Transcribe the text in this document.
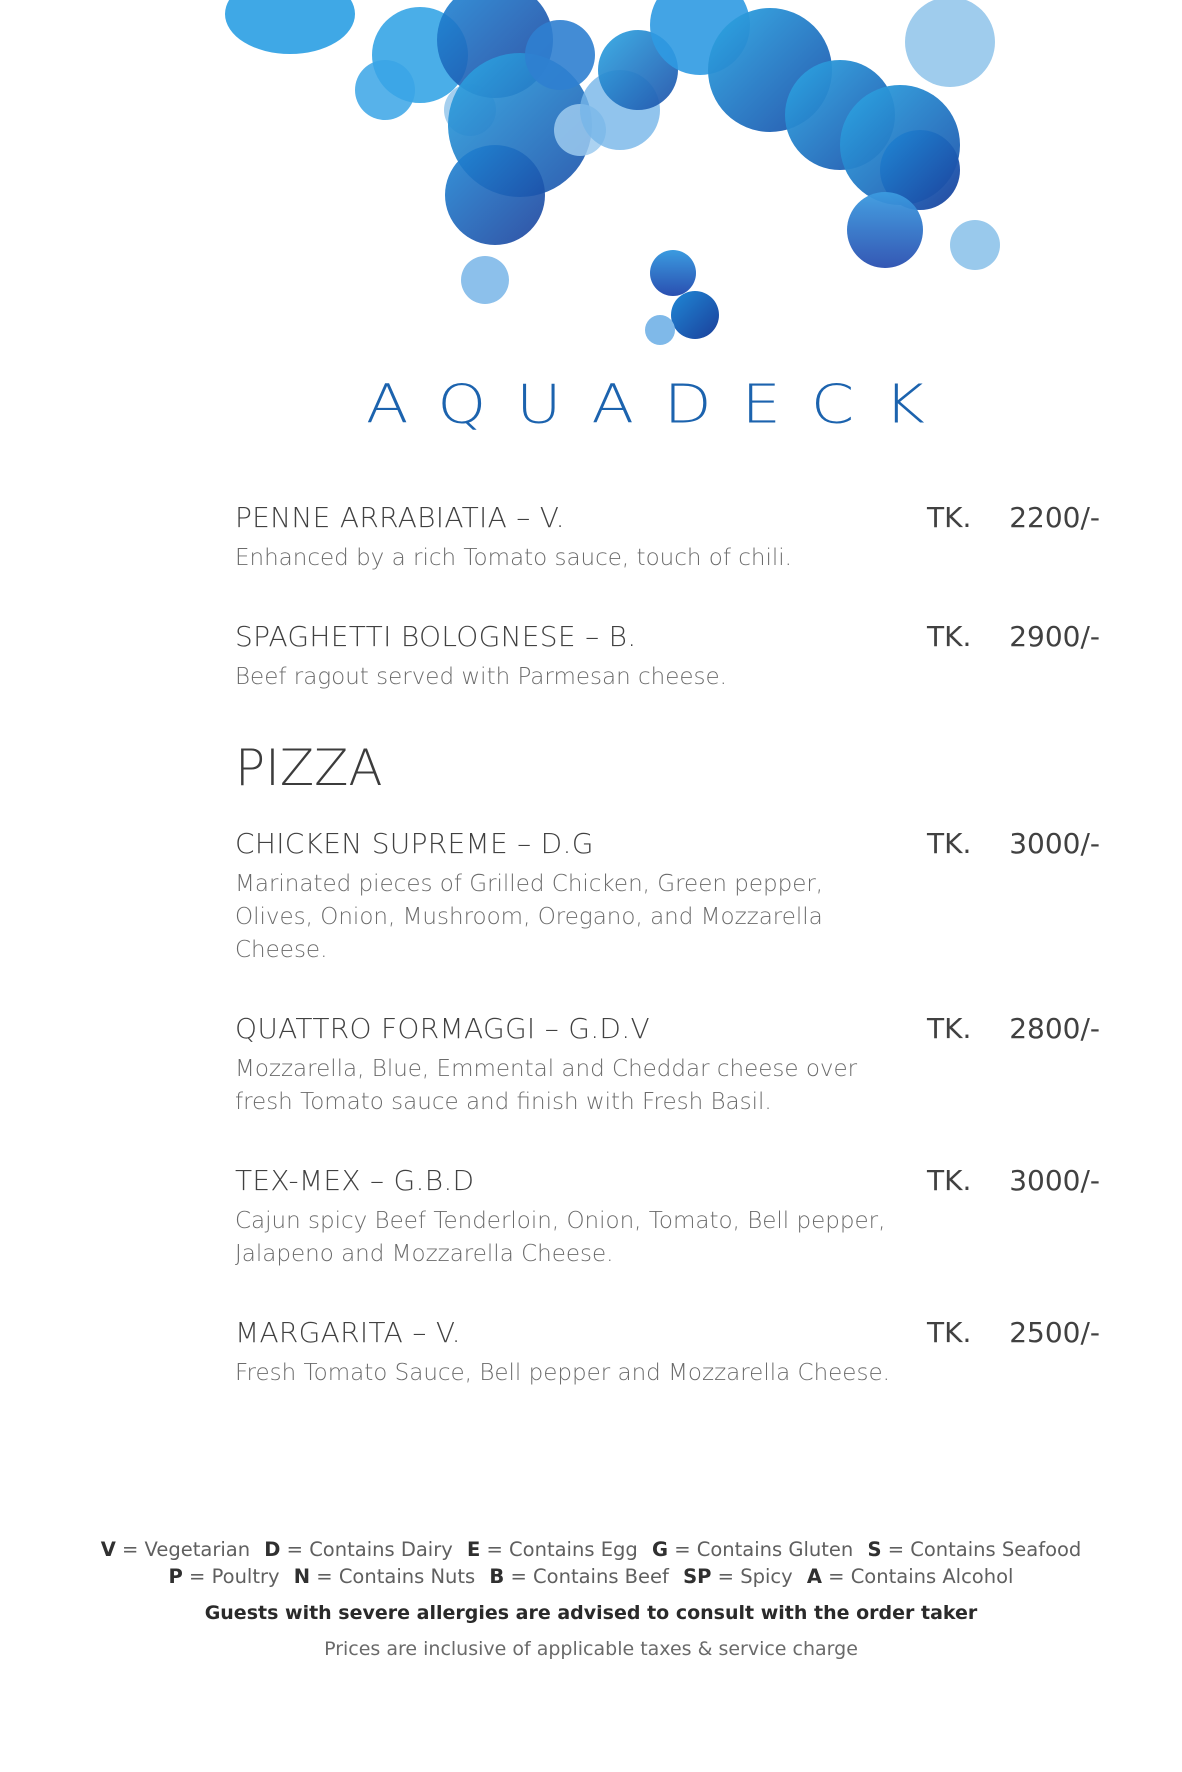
AQUADECK
PENNE ARRABIATIA – V.	TK. 2200/-
Enhanced by a rich Tomato sauce, touch of chili.
SPAGHETTI BOLOGNESE – B.	TK. 2900/-
Beef ragout served with Parmesan cheese.
PIZZA
CHICKEN SUPREME – D.G	TK. 3000/-
Marinated pieces of Grilled Chicken, Green pepper, Olives, Onion, Mushroom, Oregano, and Mozzarella Cheese.
QUATTRO FORMAGGI – G.D.V	TK. 2800/-
Mozzarella, Blue, Emmental and Cheddar cheese over fresh Tomato sauce and finish with Fresh Basil.
TEX-MEX – G.B.D	TK. 3000/-
Cajun spicy Beef Tenderloin, Onion, Tomato, Bell pepper, Jalapeno and Mozzarella Cheese.
MARGARITA – V.	TK. 2500/-
Fresh Tomato Sauce, Bell pepper and Mozzarella Cheese.
V = Vegetarian D = Contains Dairy E = Contains Egg G = Contains Gluten S = Contains Seafood
P = Poultry N = Contains Nuts B = Contains Beef SP = Spicy A = Contains Alcohol
Guests with severe allergies are advised to consult with the order taker
Prices are inclusive of applicable taxes & service charge
